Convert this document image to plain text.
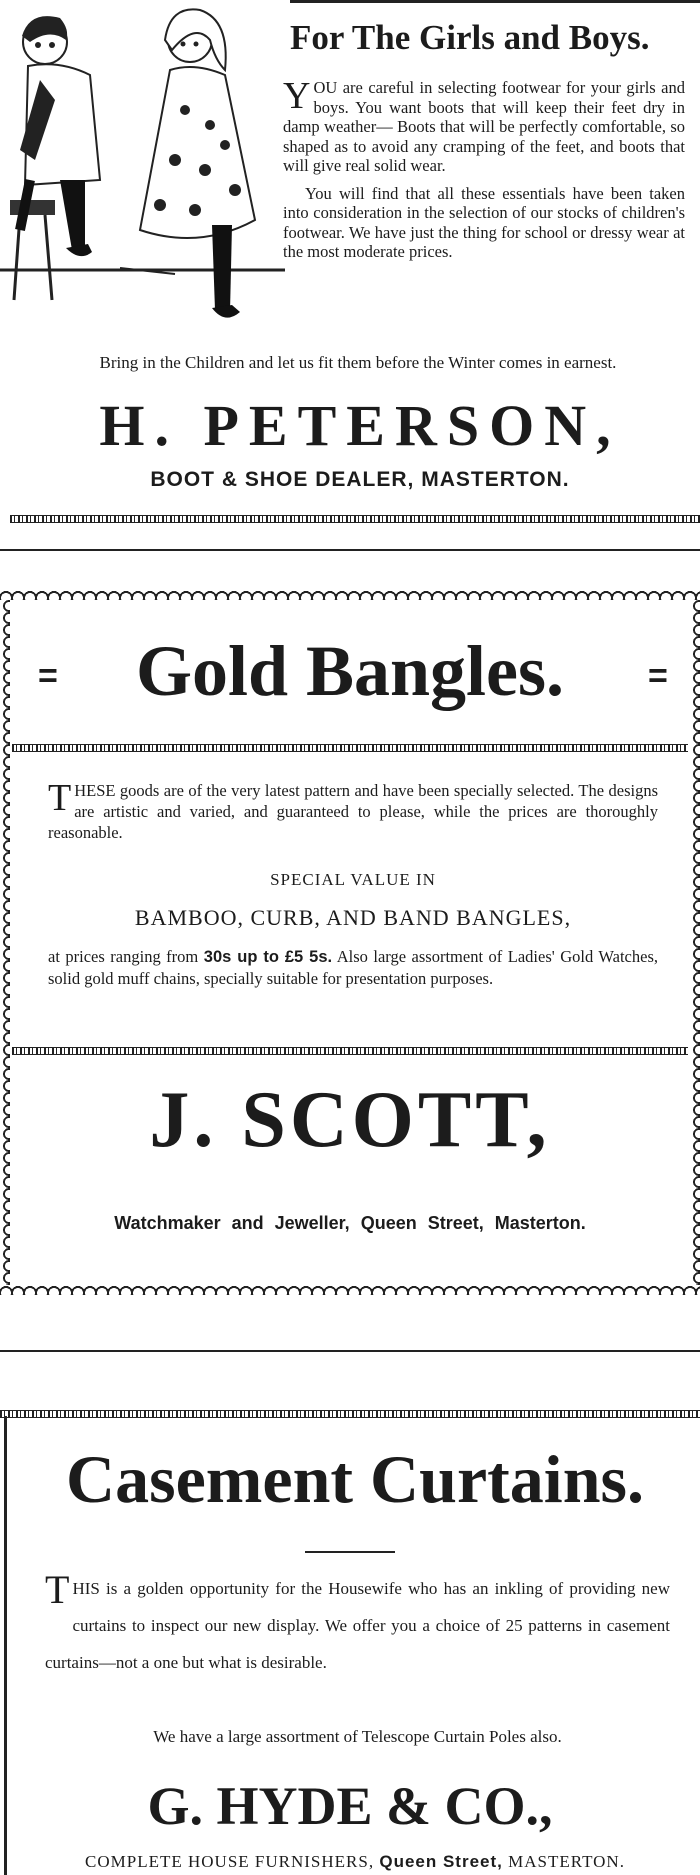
For The Girls and Boys.

YOU are careful in selecting footwear for your girls and boys. You want boots that will keep their feet dry in damp weather— Boots that will be perfectly comfortable, so shaped as to avoid any cramping of the feet, and boots that will give real solid wear.

You will find that all these essentials have been taken into consideration in the selection of our stocks of children's footwear. We have just the thing for school or dressy wear at the most moderate prices.

Bring in the Children and let us fit them before the Winter comes in earnest.
H. PETERSON,
BOOT & SHOE DEALER, MASTERTON.
=	=
Gold Bangles.

THESE goods are of the very latest pattern and have been specially selected. The designs are artistic and varied, and guaranteed to please, while the prices are thoroughly reasonable.

SPECIAL VALUE IN
BAMBOO, CURB, AND BAND BANGLES,

at prices ranging from 30s up to £5 5s. Also large assortment of Ladies' Gold Watches, solid gold muff chains, specially suitable for presentation purposes.

J. SCOTT,
Watchmaker and Jeweller, Queen Street, Masterton.
Casement Curtains.

THIS is a golden opportunity for the Housewife who has an inkling of providing new curtains to inspect our new display. We offer you a choice of 25 patterns in casement curtains—not a one but what is desirable.

We have a large assortment of Telescope Curtain Poles also.
G. HYDE & CO.,
COMPLETE HOUSE FURNISHERS, Queen Street, MASTERTON.
